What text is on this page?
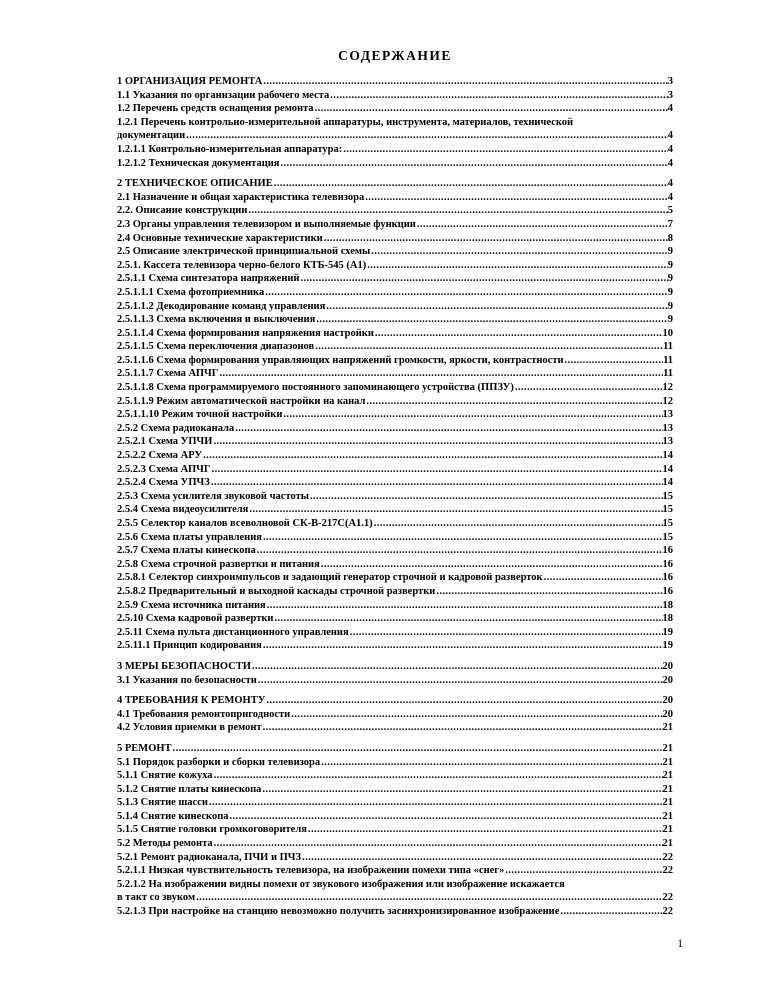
СОДЕРЖАНИЕ
1 ОРГАНИЗАЦИЯ РЕМОНТА .....	3
1.1 Указания по организации рабочего места .....	3
1.2 Перечень средств оснащения ремонта .....	4
1.2.1 Перечень контрольно-измерительной аппаратуры, инструмента, материалов, технической
документации .....	4
1.2.1.1 Контрольно-измерительная аппаратура: .....	4
1.2.1.2 Техническая документация .....	4
2 ТЕХНИЧЕСКОЕ ОПИСАНИЕ .....	4
2.1 Назначение и общая характеристика телевизора .....	4
2.2. Описание конструкции .....	5
2.3 Органы управления телевизором и выполняемые функции .....	7
2.4 Основные технические характеристики .....	8
2.5 Описание электрической принципиальной схемы .....	9
2.5.1. Кассета телевизора черно-белого КТБ-545 (А1) .....	9
2.5.1.1 Схема синтезатора напряжений .....	9
2.5.1.1.1 Схема фотоприемника .....	9
2.5.1.1.2 Декодирование команд управления .....	9
2.5.1.1.3 Схема включения и выключения .....	9
2.5.1.1.4 Схема формирования напряжения настройки .....	10
2.5.1.1.5 Схема переключения диапазонов .....	11
2.5.1.1.6 Схема формирования управляющих напряжений громкости, яркости, контрастности .....	11
2.5.1.1.7 Схема АПЧГ .....	11
2.5.1.1.8 Схема программируемого постоянного запоминающего устройства (ППЗУ) .....	12
2.5.1.1.9 Режим автоматической настройки на канал .....	12
2.5.1.1.10 Режим точной настройки .....	13
2.5.2 Схема радиоканала .....	13
2.5.2.1 Схема УПЧИ .....	13
2.5.2.2 Схема АРУ .....	14
2.5.2.3 Схема АПЧГ .....	14
2.5.2.4 Схема УПЧЗ .....	14
2.5.3 Схема усилителя звуковой частоты .....	15
2.5.4 Схема видеоусилителя .....	15
2.5.5 Селектор каналов всеволновой СК-В-217С(А1.1) .....	15
2.5.6 Схема платы управления .....	15
2.5.7 Схема платы кинескопа .....	16
2.5.8 Схема строчной развертки и питания .....	16
2.5.8.1 Селектор синхроимпульсов и задающий генератор строчной и кадровой разверток .....	16
2.5.8.2 Предварительный и выходной каскады строчной развертки .....	16
2.5.9 Схема источника питания .....	18
2.5.10 Схема кадровой развертки .....	18
2.5.11 Схема пульта дистанционного управления .....	19
2.5.11.1 Принцип кодирования .....	19
3 МЕРЫ БЕЗОПАСНОСТИ .....	20
3.1 Указания по безопасности .....	20
4 ТРЕБОВАНИЯ К РЕМОНТУ .....	20
4.1 Требования ремонтопригодности .....	20
4.2 Условия приемки в ремонт .....	21
5 РЕМОНТ .....	21
5.1 Порядок разборки и сборки телевизора .....	21
5.1.1 Снятие кожуха .....	21
5.1.2 Снятие платы кинескопа .....	21
5.1.3 Снятие шасси .....	21
5.1.4 Снятие кинескопа .....	21
5.1.5 Снятие головки громкоговорителя .....	21
5.2 Методы ремонта .....	21
5.2.1 Ремонт радиоканала, ПЧИ и ПЧЗ .....	22
5.2.1.1 Низкая чувствительность телевизора, на изображении помехи типа «снег» .....	22
5.2.1.2 На изображении видны помехи от звукового изображения или изображение искажается
в такт со звуком .....	22
5.2.1.3 При настройке на станцию невозможно получить засинхронизированное изображение .....	22
1
